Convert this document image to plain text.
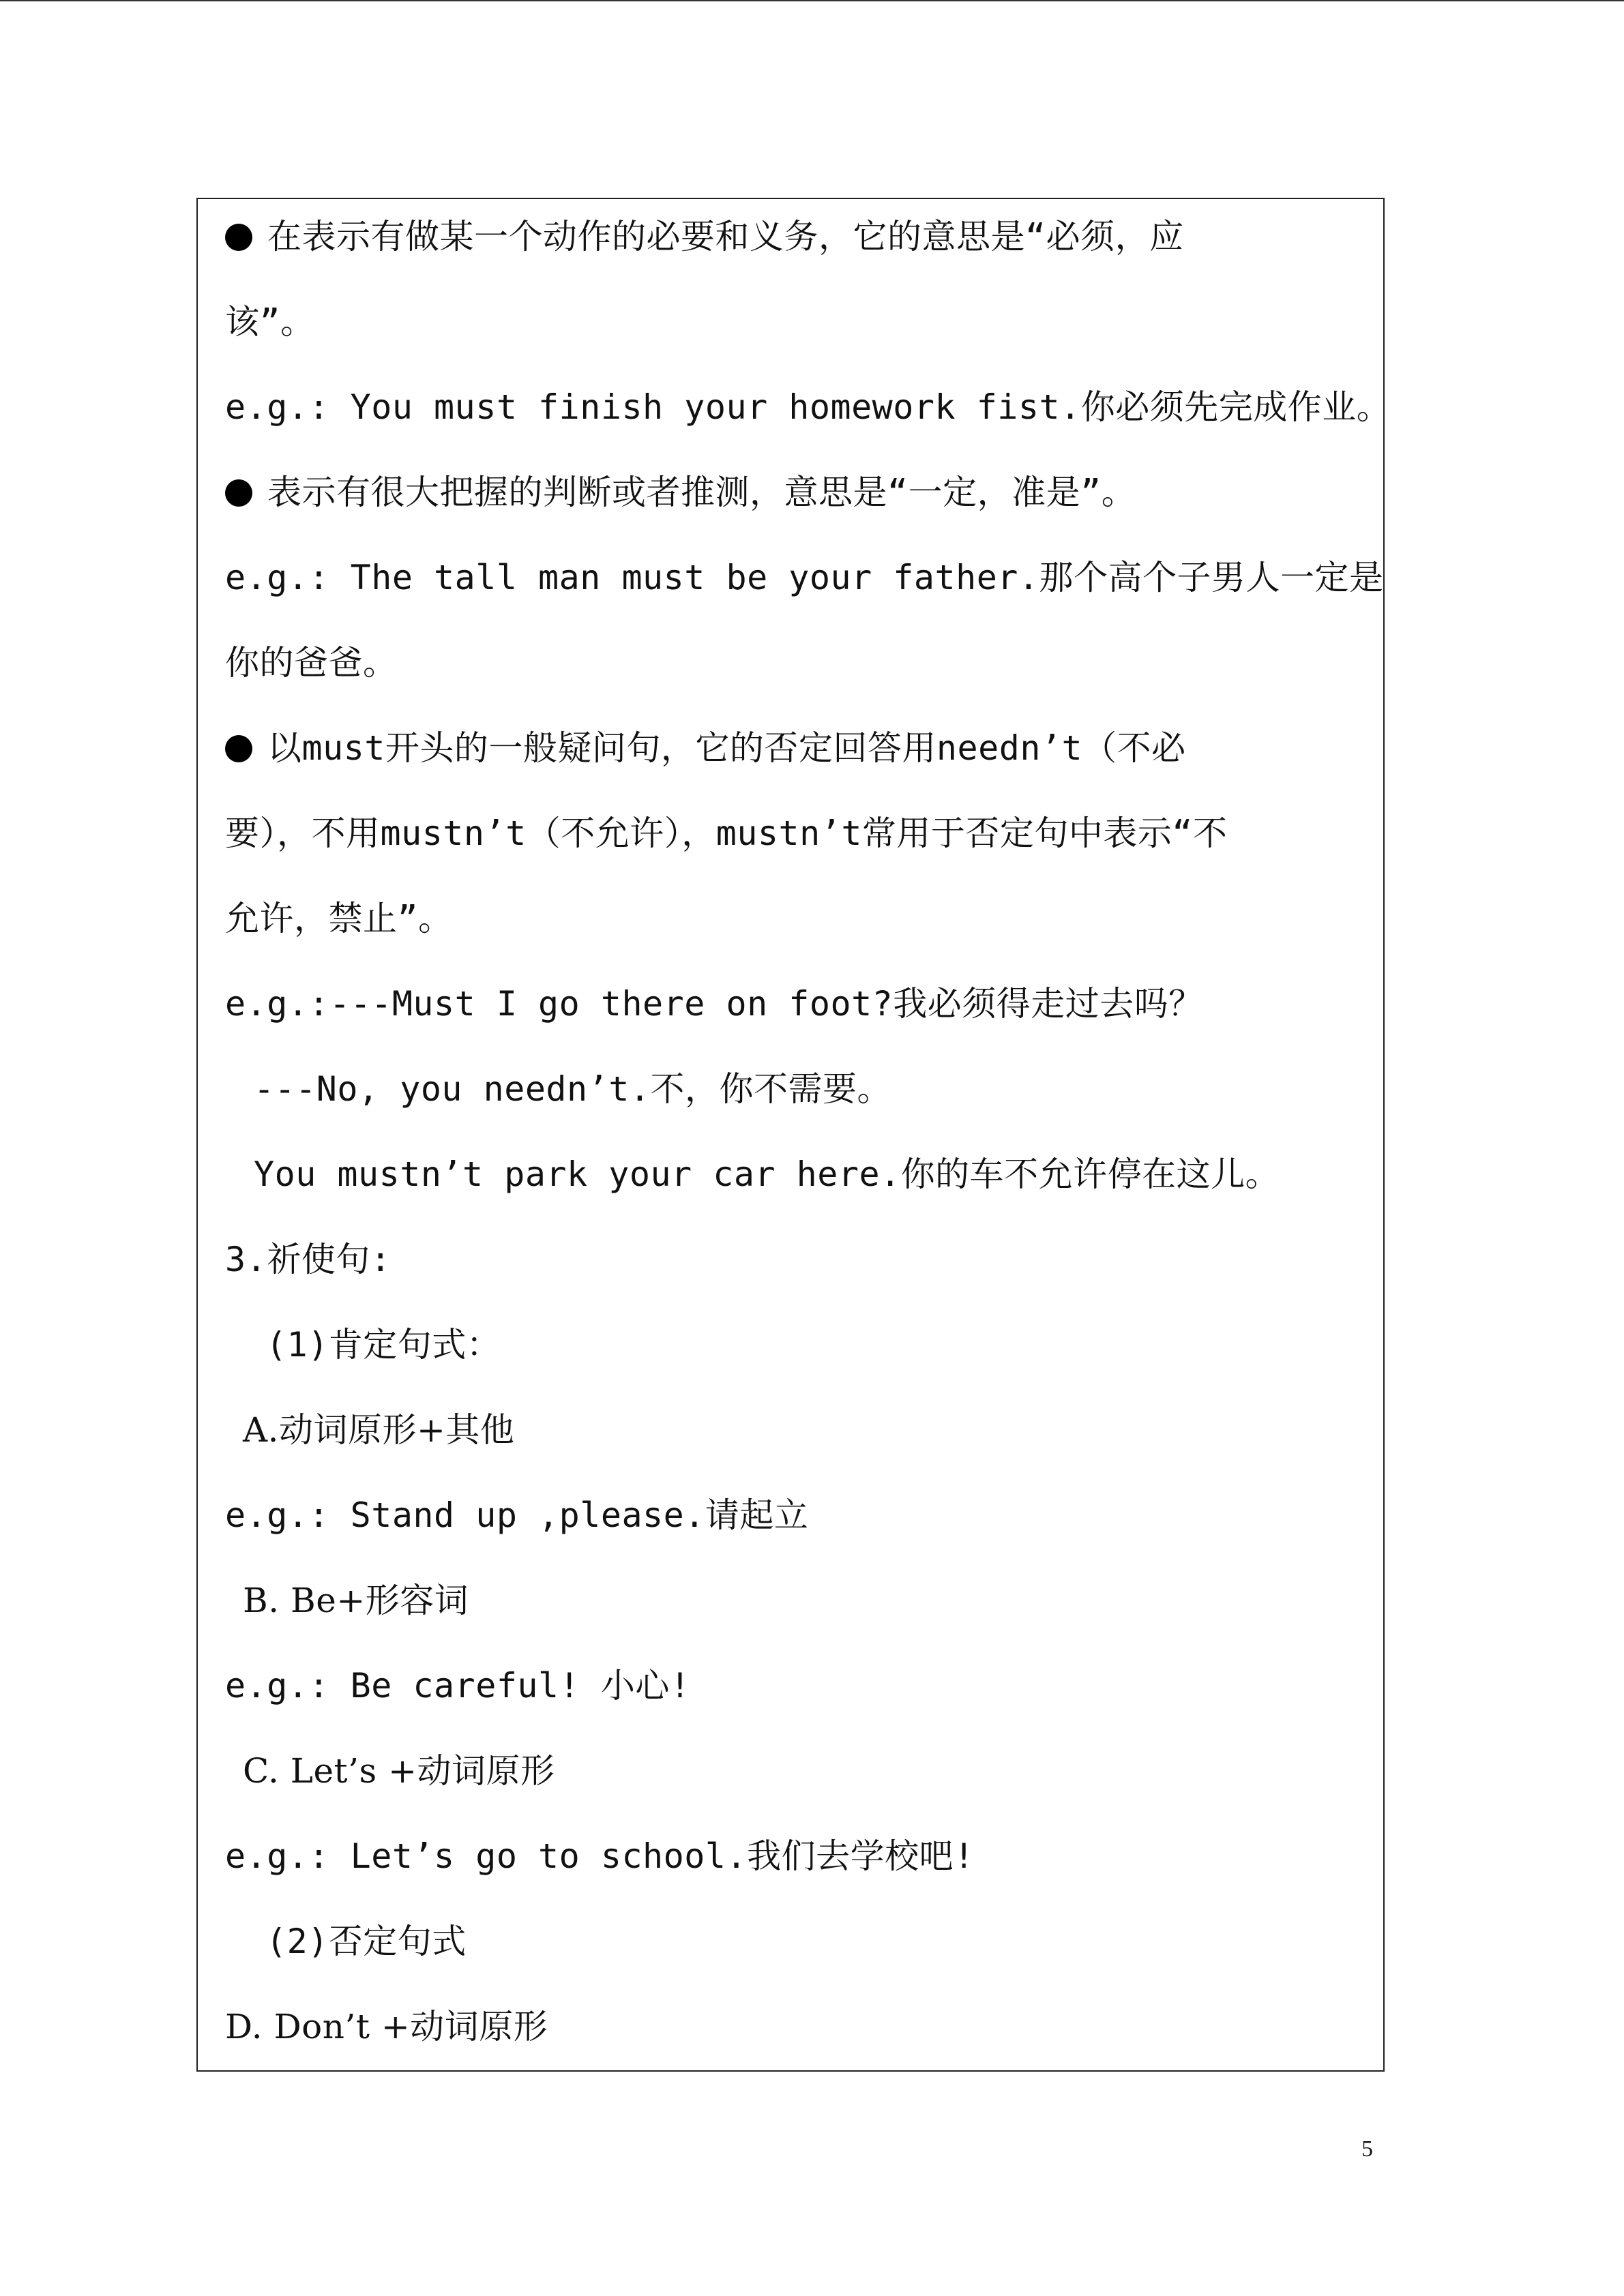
在表示有做某一个动作的必要和义务，它的意思是“必须，应
该”。
e.g.: You must finish your homework fist.你必须先完成作业。
表示有很大把握的判断或者推测，意思是“一定，准是”。
e.g.: The tall man must be your father.那个高个子男人一定是
你的爸爸。
以must开头的一般疑问句，它的否定回答用needn’t（不必
要），不用mustn’t（不允许），mustn’t常用于否定句中表示“不
允许，禁止”。
e.g.:---Must I go there on foot?我必须得走过去吗？
---No, you needn’t.不，你不需要。
You mustn’t park your car here.你的车不允许停在这儿。
3.祈使句:
(1)肯定句式：
A.动词原形+其他
e.g.: Stand up ,please.请起立
B. Be+形容词
e.g.: Be careful! 小心!
C. Let’s +动词原形
e.g.: Let’s go to school.我们去学校吧!
(2)否定句式
D. Don’t +动词原形
5
